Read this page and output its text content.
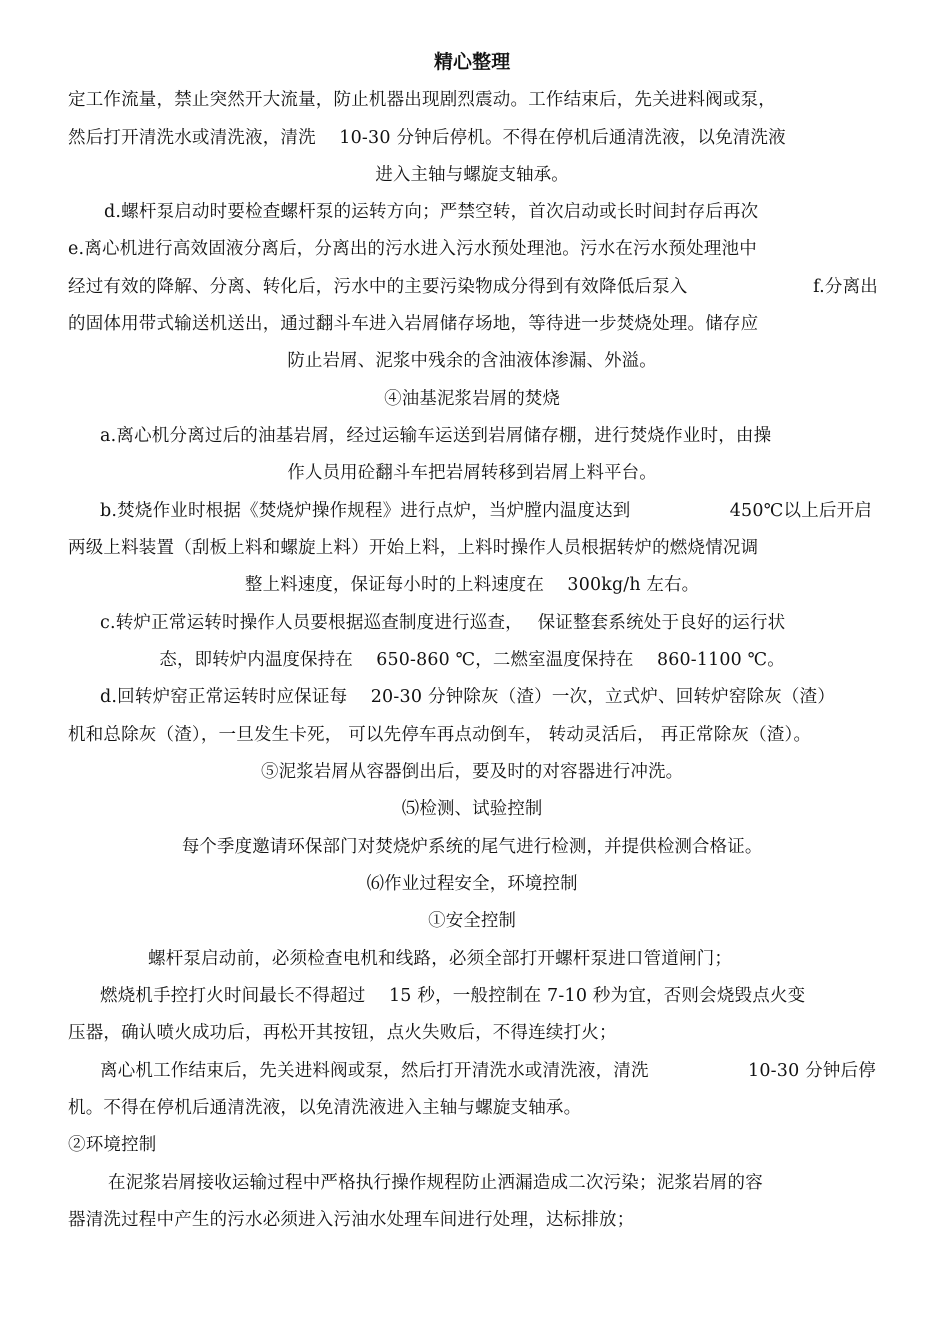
精心整理
定工作流量，禁止突然开大流量，防止机器出现剧烈震动。工作结束后，先关进料阀或泵，
然后打开清洗水或清洗液，清洗　 10-30 分钟后停机。不得在停机后通清洗液，以免清洗液
进入主轴与螺旋支轴承。
d.螺杆泵启动时要检查螺杆泵的运转方向；严禁空转，首次启动或长时间封存后再次
e.离心机进行高效固液分离后，分离出的污水进入污水预处理池。污水在污水预处理池中
经过有效的降解、分离、转化后，污水中的主要污染物成分得到有效降低后泵入	f.分离出
的固体用带式输送机送出，通过翻斗车进入岩屑储存场地，等待进一步焚烧处理。储存应
防止岩屑、泥浆中残余的含油液体渗漏、外溢。
④油基泥浆岩屑的焚烧
a.离心机分离过后的油基岩屑，经过运输车运送到岩屑储存棚，进行焚烧作业时，由操
作人员用砼翻斗车把岩屑转移到岩屑上料平台。
b.焚烧作业时根据《焚烧炉操作规程》进行点炉，当炉膛内温度达到	450℃以上后开启
两级上料装置（刮板上料和螺旋上料）开始上料，上料时操作人员根据转炉的燃烧情况调
整上料速度，保证每小时的上料速度在　 300kg/h 左右。
c.转炉正常运转时操作人员要根据巡查制度进行巡查，　 保证整套系统处于良好的运行状
态，即转炉内温度保持在　 650-860 ℃，二燃室温度保持在　 860-1100 ℃。
d.回转炉窑正常运转时应保证每　 20-30 分钟除灰（渣）一次，立式炉、回转炉窑除灰（渣）
机和总除灰（渣），一旦发生卡死， 可以先停车再点动倒车， 转动灵活后， 再正常除灰（渣）。
⑤泥浆岩屑从容器倒出后，要及时的对容器进行冲洗。
⑸检测、试验控制
每个季度邀请环保部门对焚烧炉系统的尾气进行检测，并提供检测合格证。
⑹作业过程安全，环境控制
①安全控制
螺杆泵启动前，必须检查电机和线路，必须全部打开螺杆泵进口管道闸门；
燃烧机手控打火时间最长不得超过　 15 秒，一般控制在 7-10 秒为宜，否则会烧毁点火变
压器，确认喷火成功后，再松开其按钮，点火失败后，不得连续打火；
离心机工作结束后，先关进料阀或泵，然后打开清洗水或清洗液，清洗	10-30 分钟后停
机。不得在停机后通清洗液，以免清洗液进入主轴与螺旋支轴承。
②环境控制
在泥浆岩屑接收运输过程中严格执行操作规程防止洒漏造成二次污染；泥浆岩屑的容
器清洗过程中产生的污水必须进入污油水处理车间进行处理，达标排放；
